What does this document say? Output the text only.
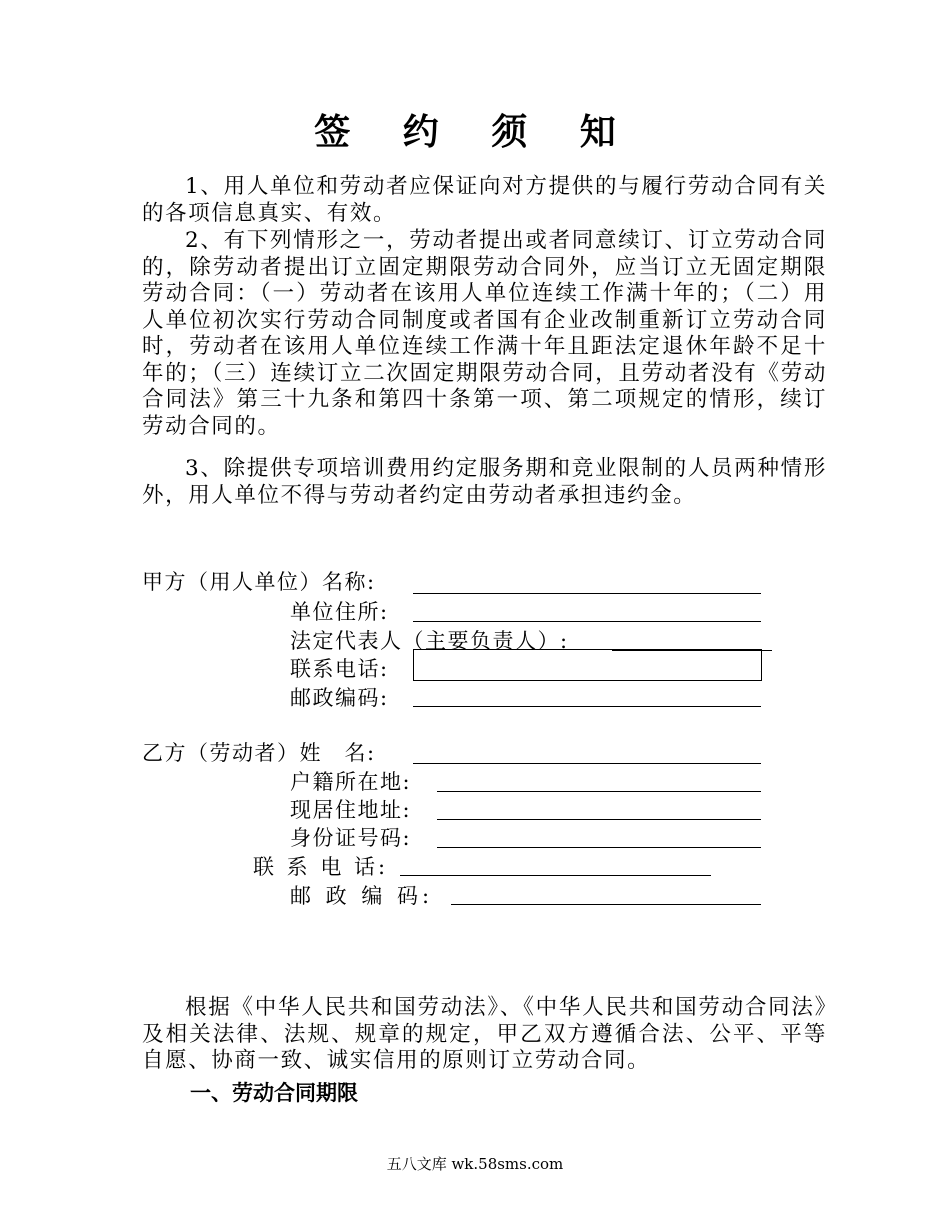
签 约 须 知

1、用人单位和劳动者应保证向对方提供的与履行劳动合同有关的各项信息真实、有效。

2、有下列情形之一，劳动者提出或者同意续订、订立劳动合同的，除劳动者提出订立固定期限劳动合同外，应当订立无固定期限劳动合同：（一）劳动者在该用人单位连续工作满十年的；（二）用人单位初次实行劳动合同制度或者国有企业改制重新订立劳动合同时，劳动者在该用人单位连续工作满十年且距法定退休年龄不足十年的；（三）连续订立二次固定期限劳动合同，且劳动者没有《劳动合同法》第三十九条和第四十条第一项、第二项规定的情形，续订劳动合同的。

3、除提供专项培训费用约定服务期和竞业限制的人员两种情形外，用人单位不得与劳动者约定由劳动者承担违约金。

甲方（用人单位）名称:
单位住所:
法定代表人（主要负责人）:
联系电话:
邮政编码:
乙方（劳动者）姓　名:
户籍所在地:
现居住地址:
身份证号码:
联 系 电 话:
邮 政 编 码:

根据《中华人民共和国劳动法》、《中华人民共和国劳动合同法》及相关法律、法规、规章的规定，甲乙双方遵循合法、公平、平等自愿、协商一致、诚实信用的原则订立劳动合同。

一、劳动合同期限
五八文库 wk.58sms.com
